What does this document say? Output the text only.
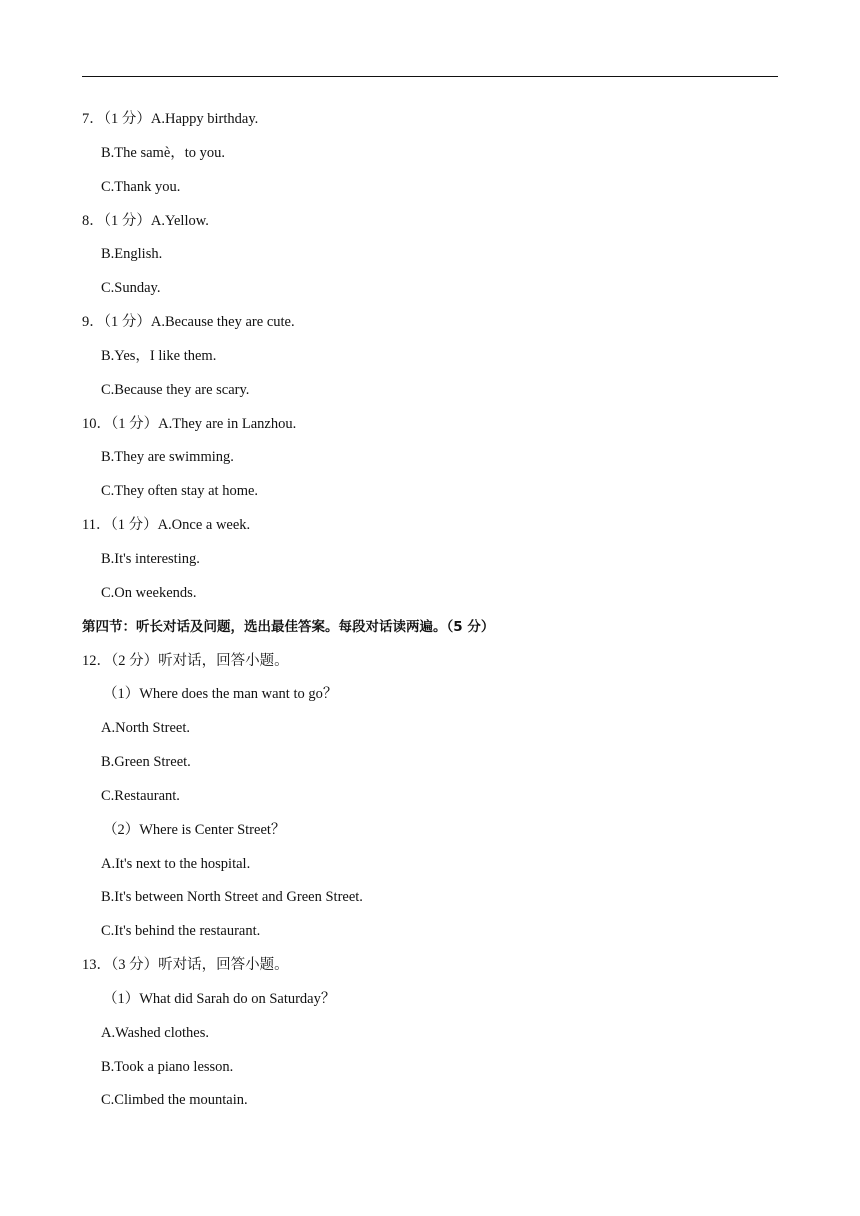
7．（1 分）A.Happy birthday.
B.The samè，to you.
C.Thank you.
8．（1 分）A.Yellow.
B.English.
C.Sunday.
9．（1 分）A.Because they are cute.
B.Yes，I like them.
C.Because they are scary.
10．（1 分）A.They are in Lanzhou.
B.They are swimming.
C.They often stay at home.
11．（1 分）A.Once a week.
B.It's interesting.
C.On weekends.
第四节：听长对话及问题，选出最佳答案。每段对话读两遍。（5 分）
12．（2 分）听对话，回答小题。
（1）Where does the man want to go？
A.North Street.
B.Green Street.
C.Restaurant.
（2）Where is Center Street？
A.It's next to the hospital.
B.It's between North Street and Green Street.
C.It's behind the restaurant.
13．（3 分）听对话，回答小题。
（1）What did Sarah do on Saturday？
A.Washed clothes.
B.Took a piano lesson.
C.Climbed the mountain.
